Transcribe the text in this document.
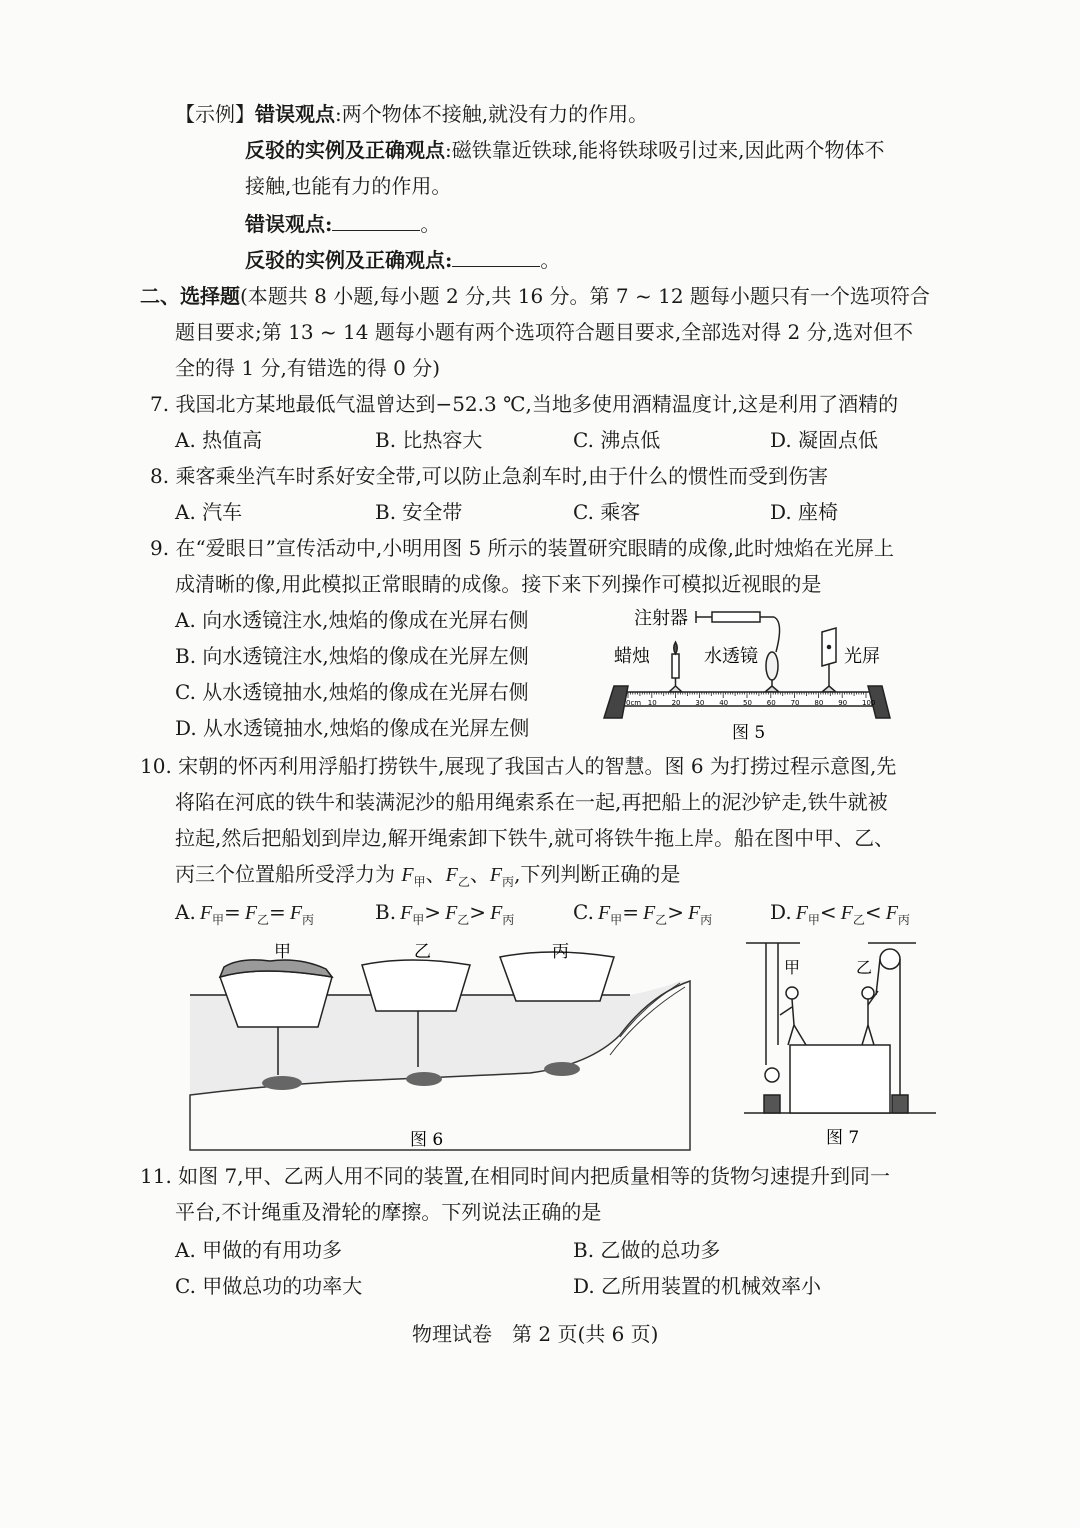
【示例】错误观点:两个物体不接触,就没有力的作用。
反驳的实例及正确观点:磁铁靠近铁球,能将铁球吸引过来,因此两个物体不
接触,也能有力的作用。
错误观点:	。
反驳的实例及正确观点:	。
二、选择题(本题共 8 小题,每小题 2 分,共 16 分。第 7 ~ 12 题每小题只有一个选项符合
题目要求;第 13 ~ 14 题每小题有两个选项符合题目要求,全部选对得 2 分,选对但不
全的得 1 分,有错选的得 0 分)
7. 我国北方某地最低气温曾达到−52.3 ℃,当地多使用酒精温度计,这是利用了酒精的
A. 热值高	B. 比热容大	C. 沸点低	D. 凝固点低
8. 乘客乘坐汽车时系好安全带,可以防止急刹车时,由于什么的惯性而受到伤害
A. 汽车	B. 安全带	C. 乘客	D. 座椅
9. 在“爱眼日”宣传活动中,小明用图 5 所示的装置研究眼睛的成像,此时烛焰在光屏上
成清晰的像,用此模拟正常眼睛的成像。接下来下列操作可模拟近视眼的是
A. 向水透镜注水,烛焰的像成在光屏右侧
B. 向水透镜注水,烛焰的像成在光屏左侧
C. 从水透镜抽水,烛焰的像成在光屏右侧
D. 从水透镜抽水,烛焰的像成在光屏左侧
注射器
蜡烛	水透镜	光屏
0cm 10 20 30 40 50 60 70 80 90 100
图 5
10. 宋朝的怀丙利用浮船打捞铁牛,展现了我国古人的智慧。图 6 为打捞过程示意图,先
将陷在河底的铁牛和装满泥沙的船用绳索系在一起,再把船上的泥沙铲走,铁牛就被
拉起,然后把船划到岸边,解开绳索卸下铁牛,就可将铁牛拖上岸。船在图中甲、乙、
丙三个位置船所受浮力为 $F_甲$、$F_乙$、$F_丙$,下列判断正确的是
A. $F_甲= F_乙= F_丙$	B. $F_甲> F_乙> F_丙$	C. $F_甲= F_乙> F_丙$	D. $F_甲< F_乙< F_丙$
甲	乙	丙
图 6
甲	乙
图 7
11. 如图 7,甲、乙两人用不同的装置,在相同时间内把质量相等的货物匀速提升到同一
平台,不计绳重及滑轮的摩擦。下列说法正确的是
A. 甲做的有用功多	B. 乙做的总功多
C. 甲做总功的功率大	D. 乙所用装置的机械效率小
物理试卷　第 2 页(共 6 页)
